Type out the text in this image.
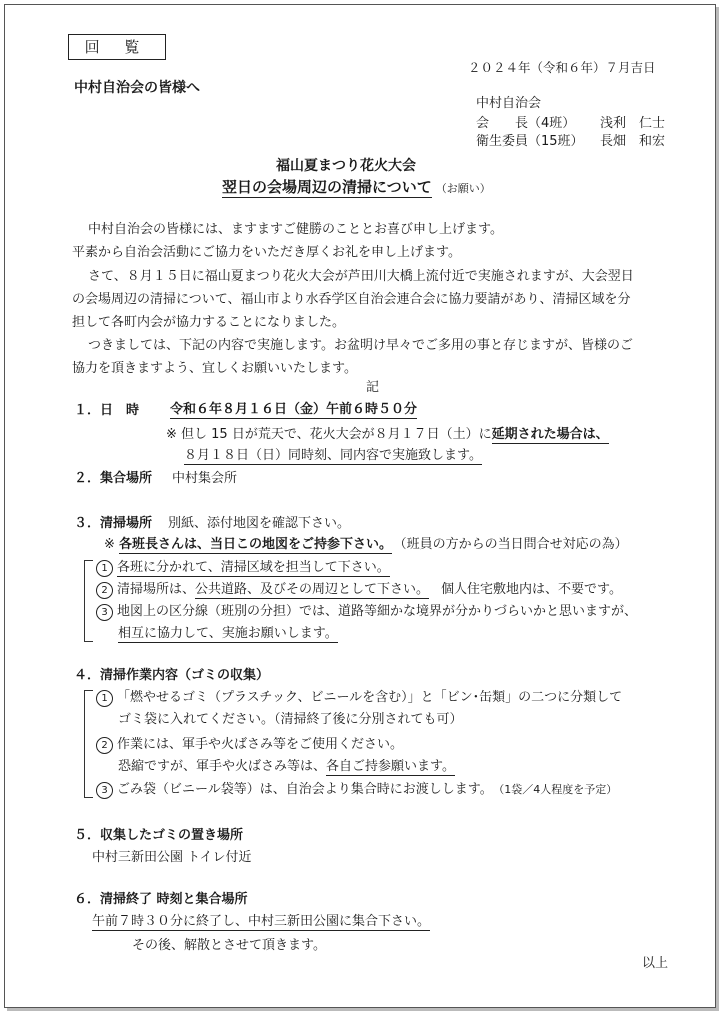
回 覧
２０２４年（令和６年）７月吉日
中村自治会の皆様へ
中村自治会
会　　長（4班） 浅利　仁士
衛生委員（15班） 長畑　和宏
福山夏まつり花火大会
翌日の会場周辺の清掃について （お願い）
中村自治会の皆様には、ますますご健勝のこととお喜び申し上げます。
平素から自治会活動にご協力をいただき厚くお礼を申し上げます。
さて、８月１５日に福山夏まつり花火大会が芦田川大橋上流付近で実施されますが、大会翌日
の会場周辺の清掃について、福山市より水呑学区自治会連合会に協力要請があり、清掃区域を分
担して各町内会が協力することになりました。
つきましては、下記の内容で実施します。お盆明け早々でご多用の事と存じますが、皆様のご
協力を頂きますよう、宜しくお願いいたします。
記
１．日　時 令和６年８月１６日（金）午前６時５０分
※ 但し 15 日が荒天で、花火大会が８月１７日（土）に延期された場合は、
８月１８日（日）同時刻、同内容で実施致します。
２．集合場所 中村集会所
３．清掃場所 別紙、添付地図を確認下さい。
※ 各班長さんは、当日この地図をご持参下さい。 （班員の方からの当日問合せ対応の為）
1 各班に分かれて、清掃区域を担当して下さい。
2 清掃場所は、公共道路、及びその周辺として下さい。 個人住宅敷地内は、不要です。
3 地図上の区分線（班別の分担）では、道路等細かな境界が分かりづらいかと思いますが、
相互に協力して、実施お願いします。
４．清掃作業内容（ゴミの収集）
1 「燃やせるゴミ（プラスチック、ビニールを含む）」と「ビン･缶類」の二つに分類して
ゴミ袋に入れてください。（清掃終了後に分別されても可）
2 作業には、軍手や火ばさみ等をご使用ください。
恐縮ですが、軍手や火ばさみ等は、各自ご持参願います。
3 ごみ袋（ビニール袋等）は、自治会より集合時にお渡しします。 （1袋／4人程度を予定）
５．収集したゴミの置き場所
中村三新田公園 トイレ付近
６．清掃終了 時刻と集合場所
午前７時３０分に終了し、中村三新田公園に集合下さい。
その後、解散とさせて頂きます。
以上
